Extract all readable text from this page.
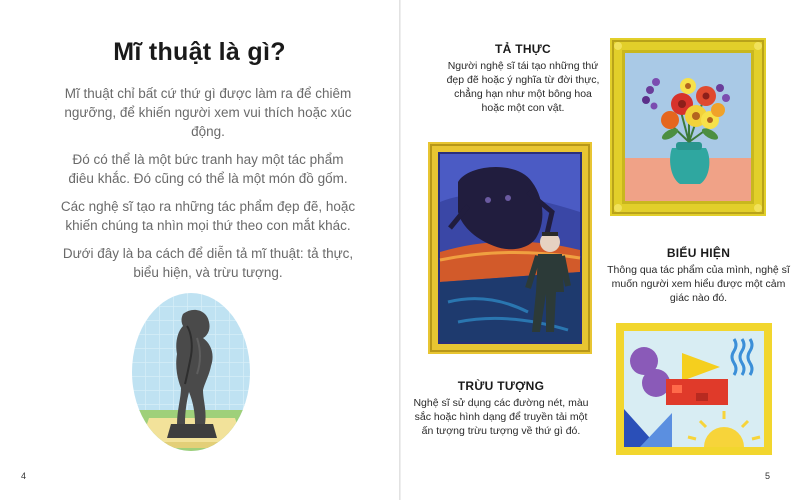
Mĩ thuật là gì?

Mĩ thuật chỉ bất cứ thứ gì được làm ra để chiêm ngưỡng, để khiến người xem vui thích hoặc xúc động.

Đó có thể là một bức tranh hay một tác phẩm điêu khắc. Đó cũng có thể là một món đồ gốm.

Các nghệ sĩ tạo ra những tác phẩm đẹp đẽ, hoặc khiến chúng ta nhìn mọi thứ theo con mắt khác.

Dưới đây là ba cách để diễn tả mĩ thuật: tả thực, biểu hiện, và trừu tượng.

4
TẢ THỰC
Người nghệ sĩ tái tạo những thứ đẹp đẽ hoặc ý nghĩa từ đời thực, chẳng hạn như một bông hoa hoặc một con vật.
BIỂU HIỆN
Thông qua tác phẩm của mình, nghệ sĩ muốn người xem hiểu được một cảm giác nào đó.
TRỪU TƯỢNG
Nghệ sĩ sử dụng các đường nét, màu sắc hoặc hình dạng để truyền tải một ấn tượng trừu tượng về thứ gì đó.
5
